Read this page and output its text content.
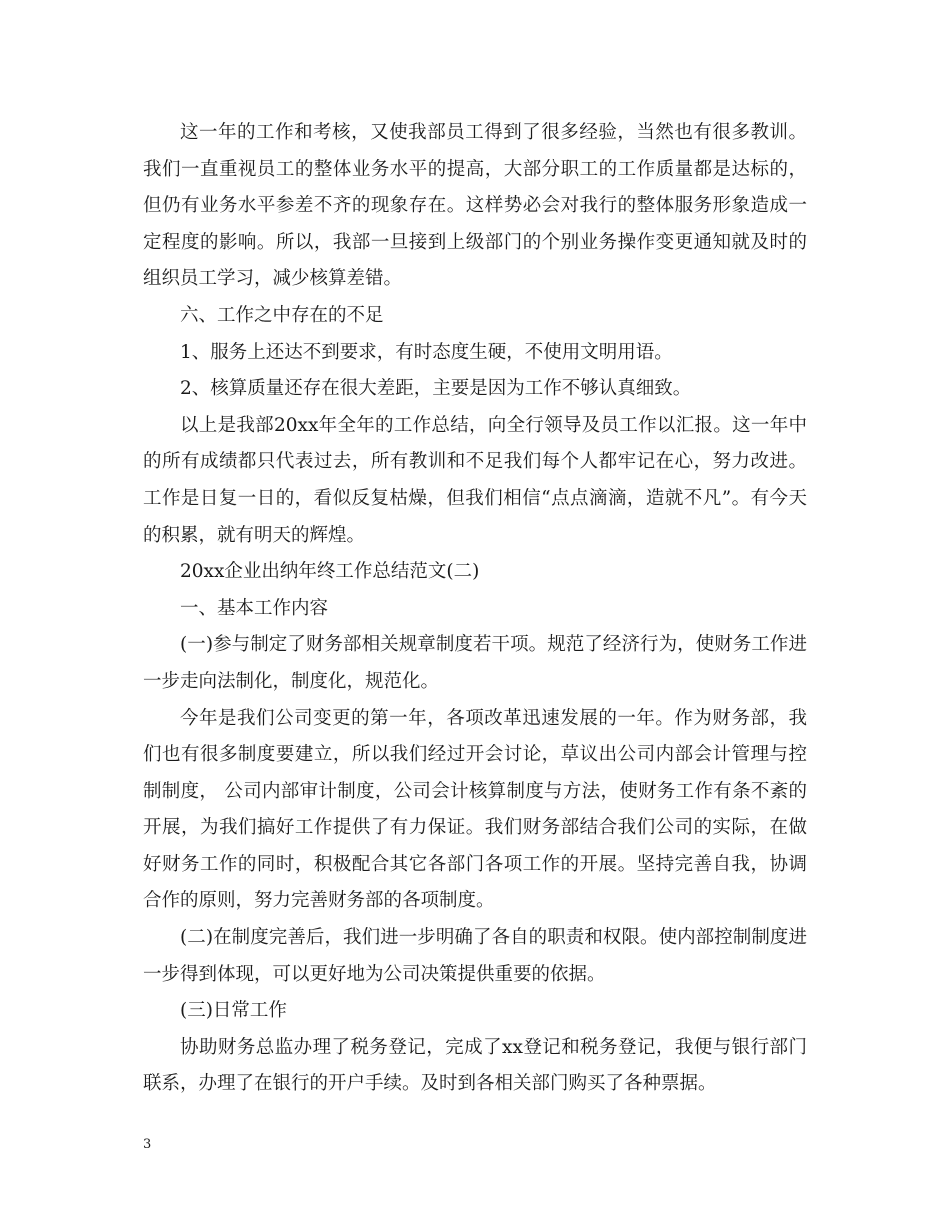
这一年的工作和考核，又使我部员工得到了很多经验，当然也有很多教训。我们一直重视员工的整体业务水平的提高，大部分职工的工作质量都是达标的，但仍有业务水平参差不齐的现象存在。这样势必会对我行的整体服务形象造成一定程度的影响。所以，我部一旦接到上级部门的个别业务操作变更通知就及时的组织员工学习，减少核算差错。

六、工作之中存在的不足

1、服务上还达不到要求，有时态度生硬，不使用文明用语。

2、核算质量还存在很大差距，主要是因为工作不够认真细致。

以上是我部20xx年全年的工作总结，向全行领导及员工作以汇报。这一年中的所有成绩都只代表过去，所有教训和不足我们每个人都牢记在心，努力改进。工作是日复一日的，看似反复枯燥，但我们相信“点点滴滴，造就不凡”。有今天的积累，就有明天的辉煌。

20xx企业出纳年终工作总结范文(二)

一、基本工作内容

(一)参与制定了财务部相关规章制度若干项。规范了经济行为，使财务工作进一步走向法制化，制度化，规范化。

今年是我们公司变更的第一年，各项改革迅速发展的一年。作为财务部，我们也有很多制度要建立，所以我们经过开会讨论，草议出公司内部会计管理与控制制度， 公司内部审计制度，公司会计核算制度与方法，使财务工作有条不紊的开展，为我们搞好工作提供了有力保证。我们财务部结合我们公司的实际，在做好财务工作的同时，积极配合其它各部门各项工作的开展。坚持完善自我，协调合作的原则，努力完善财务部的各项制度。

(二)在制度完善后，我们进一步明确了各自的职责和权限。使内部控制制度进一步得到体现，可以更好地为公司决策提供重要的依据。

(三)日常工作

协助财务总监办理了税务登记，完成了xx登记和税务登记，我便与银行部门联系，办理了在银行的开户手续。及时到各相关部门购买了各种票据。

3
